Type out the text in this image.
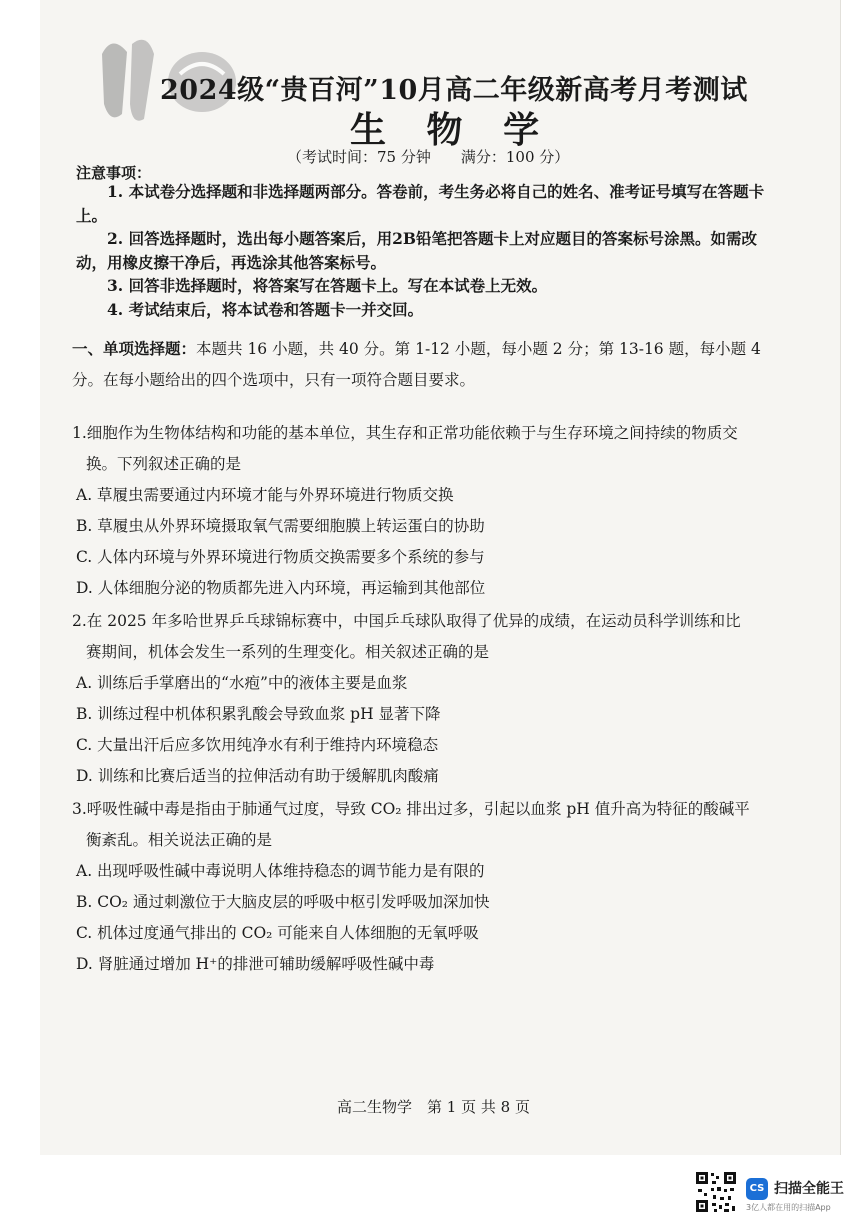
2024级“贵百河”10月高二年级新高考月考测试
生 物 学
（考试时间：75 分钟　　满分：100 分）
注意事项：

1. 本试卷分选择题和非选择题两部分。答卷前，考生务必将自己的姓名、准考证号填写在答题卡上。

2. 回答选择题时，选出每小题答案后，用2B铅笔把答题卡上对应题目的答案标号涂黑。如需改动，用橡皮擦干净后，再选涂其他答案标号。

3. 回答非选择题时，将答案写在答题卡上。写在本试卷上无效。

4. 考试结束后，将本试卷和答题卡一并交回。

一、单项选择题：本题共 16 小题，共 40 分。第 1-12 小题，每小题 2 分；第 13-16 题，每小题 4 分。在每小题给出的四个选项中，只有一项符合题目要求。

1.细胞作为生物体结构和功能的基本单位，其生存和正常功能依赖于与生存环境之间持续的物质交
换。下列叙述正确的是

A. 草履虫需要通过内环境才能与外界环境进行物质交换

B. 草履虫从外界环境摄取氧气需要细胞膜上转运蛋白的协助

C. 人体内环境与外界环境进行物质交换需要多个系统的参与

D. 人体细胞分泌的物质都先进入内环境，再运输到其他部位

2.在 2025 年多哈世界乒乓球锦标赛中，中国乒乓球队取得了优异的成绩，在运动员科学训练和比
赛期间，机体会发生一系列的生理变化。相关叙述正确的是

A. 训练后手掌磨出的“水疱”中的液体主要是血浆

B. 训练过程中机体积累乳酸会导致血浆 pH 显著下降

C. 大量出汗后应多饮用纯净水有利于维持内环境稳态

D. 训练和比赛后适当的拉伸活动有助于缓解肌肉酸痛

3.呼吸性碱中毒是指由于肺通气过度，导致 CO₂ 排出过多，引起以血浆 pH 值升高为特征的酸碱平
衡紊乱。相关说法正确的是

A. 出现呼吸性碱中毒说明人体维持稳态的调节能力是有限的

B. CO₂ 通过刺激位于大脑皮层的呼吸中枢引发呼吸加深加快

C. 机体过度通气排出的 CO₂ 可能来自人体细胞的无氧呼吸

D. 肾脏通过增加 H⁺的排泄可辅助缓解呼吸性碱中毒

高二生物学　第 1 页 共 8 页
CS 扫描全能王
3亿人都在用的扫描App
